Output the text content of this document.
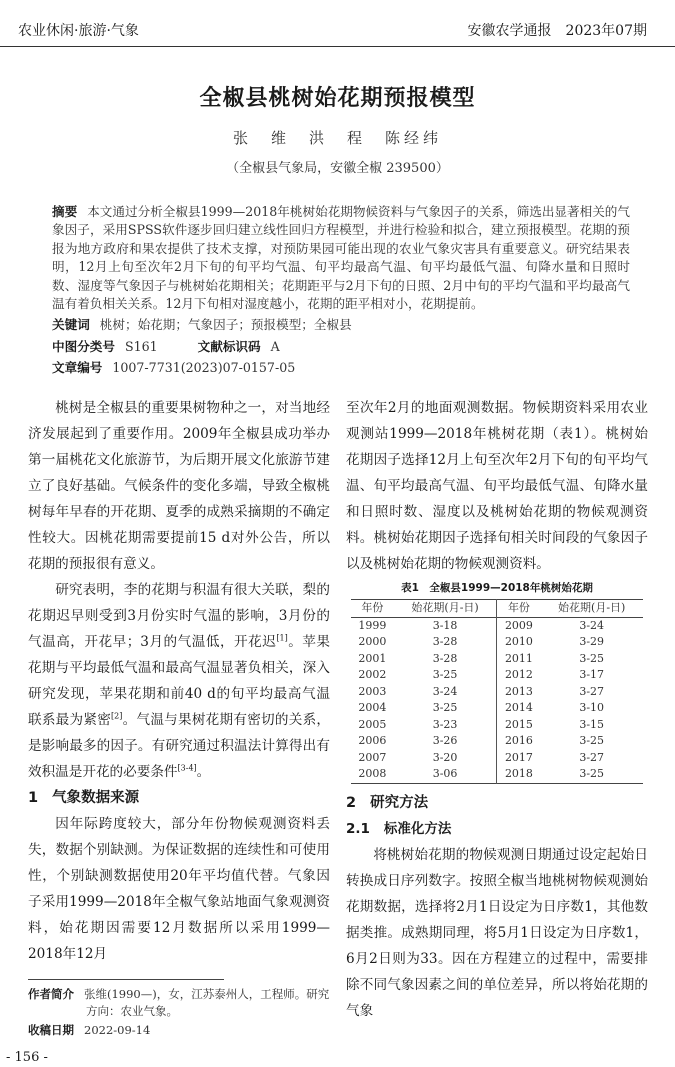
农业休闲·旅游·气象	安徽农学通报　 2023年07期
全椒县桃树始花期预报模型
张　维　洪　程　陈经纬
（全椒县气象局，安徽全椒 239500）
摘要 本文通过分析全椒县1999—2018年桃树始花期物候资料与气象因子的关系，筛选出显著相关的气象因子，采用SPSS软件逐步回归建立线性回归方程模型，并进行检验和拟合，建立预报模型。花期的预报为地方政府和果农提供了技术支撑，对预防果园可能出现的农业气象灾害具有重要意义。研究结果表明，12月上旬至次年2月下旬的旬平均气温、旬平均最高气温、旬平均最低气温、旬降水量和日照时数、湿度等气象因子与桃树始花期相关；花期距平与2月下旬的日照、2月中旬的平均气温和平均最高气温有着负相关关系。12月下旬相对湿度越小，花期的距平相对小，花期提前。
关键词 桃树；始花期；气象因子；预报模型；全椒县
中图分类号 S161	文献标识码 A
文章编号 1007-7731(2023)07-0157-05

桃树是全椒县的重要果树物种之一，对当地经济发展起到了重要作用。2009年全椒县成功举办第一届桃花文化旅游节，为后期开展文化旅游节建立了良好基础。气候条件的变化多端，导致全椒桃树每年早春的开花期、夏季的成熟采摘期的不确定性较大。因桃花期需要提前15 d对外公告，所以花期的预报很有意义。

研究表明，李的花期与积温有很大关联，梨的花期迟早则受到3月份实时气温的影响，3月份的气温高，开花早；3月的气温低，开花迟[1]。苹果花期与平均最低气温和最高气温显著负相关，深入研究发现，苹果花期和前40 d的旬平均最高气温联系最为紧密[2]。气温与果树花期有密切的关系，是影响最多的因子。有研究通过积温法计算得出有效积温是开花的必要条件[3-4]。

1 气象数据来源

因年际跨度较大，部分年份物候观测资料丢失，数据个别缺测。为保证数据的连续性和可使用性，个别缺测数据使用20年平均值代替。气象因子采用1999—2018年全椒气象站地面气象观测资料，始花期因需要12月数据所以采用1999—2018年12月

作者简介 张维(1990—)，女，江苏泰州人，工程师。研究方向：农业气象。
收稿日期 2022-09-14
- 156 -

至次年2月的地面观测数据。物候期资料采用农业观测站1999—2018年桃树花期（表1）。桃树始花期因子选择12月上旬至次年2月下旬的旬平均气温、旬平均最高气温、旬平均最低气温、旬降水量和日照时数、湿度以及桃树始花期的物候观测资料。桃树始花期因子选择旬相关时间段的气象因子以及桃树始花期的物候观测资料。

表1　全椒县1999—2018年桃树始花期
年份	始花期(月-日)	年份	始花期(月-日)
1999	3-18	2009	3-24
2000	3-28	2010	3-29
2001	3-28	2011	3-25
2002	3-25	2012	3-17
2003	3-24	2013	3-27
2004	3-25	2014	3-10
2005	3-23	2015	3-15
2006	3-26	2016	3-25
2007	3-20	2017	3-27
2008	3-06	2018	3-25
2 研究方法
2.1 标准化方法

将桃树始花期的物候观测日期通过设定起始日转换成日序列数字。按照全椒当地桃树物候观测始花期数据，选择将2月1日设定为日序数1，其他数据类推。成熟期同理，将5月1日设定为日序数1，6月2日则为33。因在方程建立的过程中，需要排除不同气象因素之间的单位差异，所以将始花期的气象
